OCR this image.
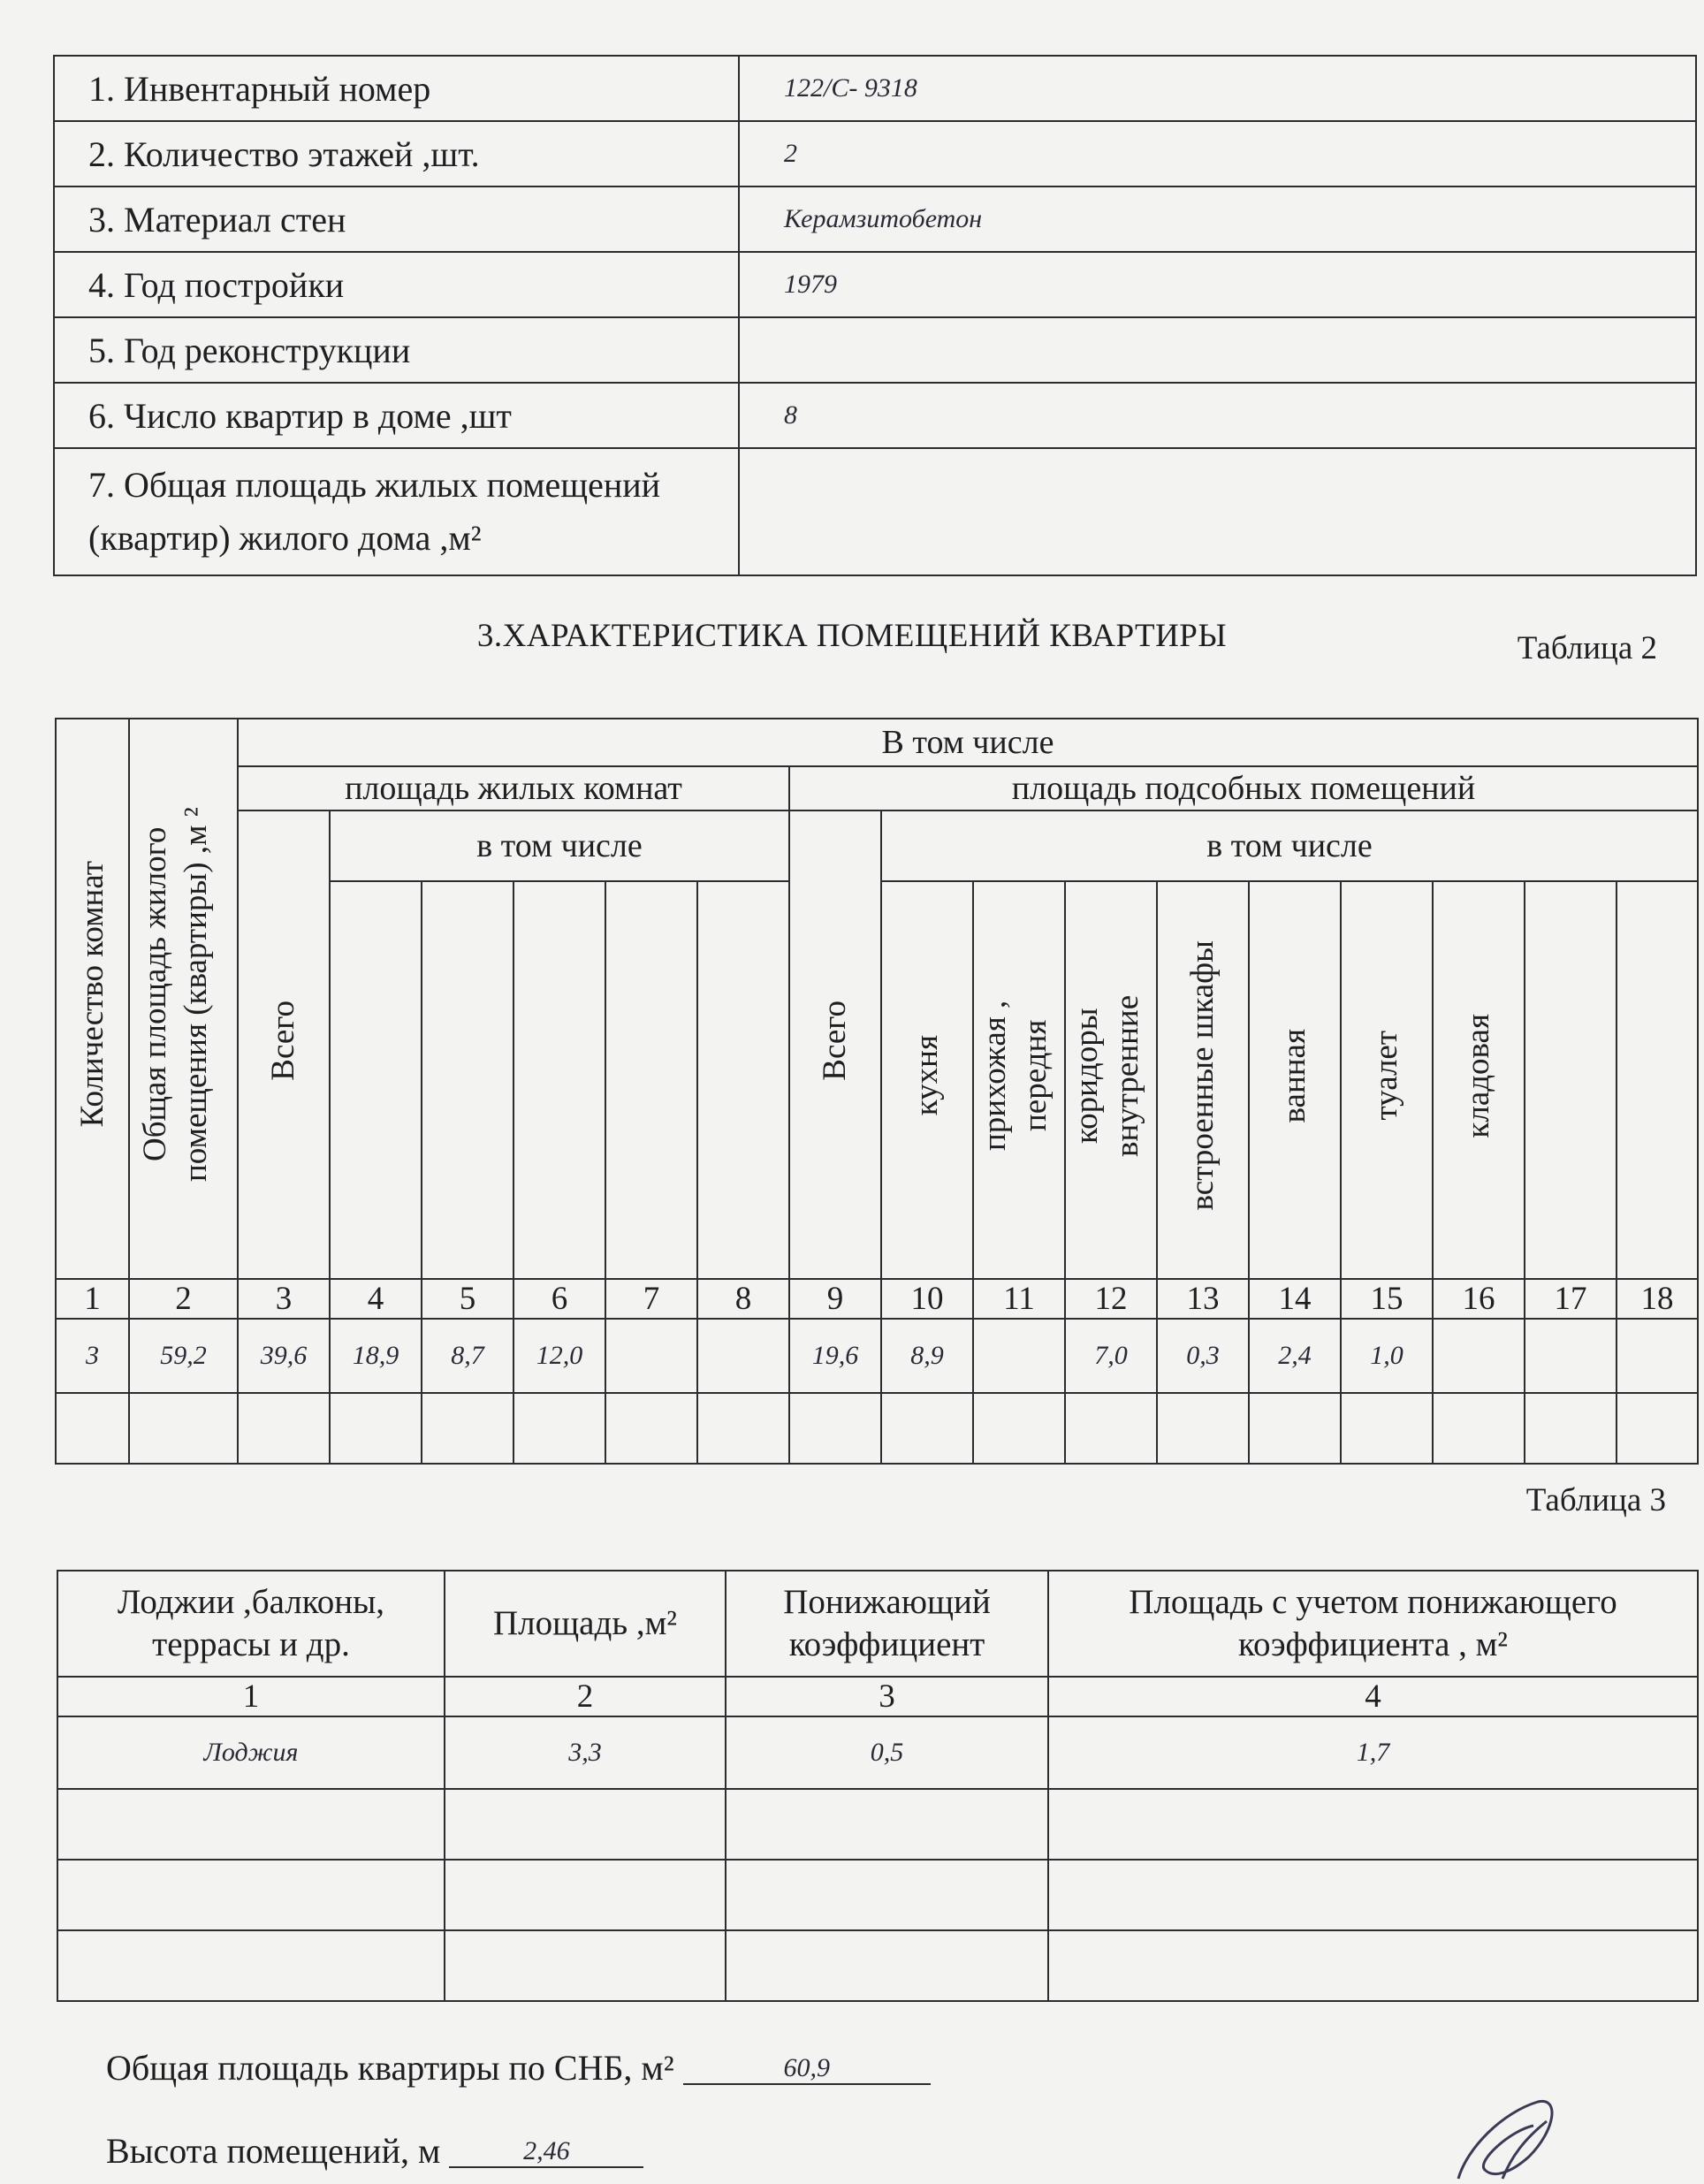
1. Инвентарный номер	122/С- 9318
2. Количество этажей ,шт.	2
3. Материал стен	Керамзитобетон
4. Год постройки	1979
5. Год реконструкции	
6. Число квартир в доме ,шт	8
7. Общая площадь жилых помещений (квартир) жилого дома ,м²	
3.ХАРАКТЕРИСТИКА ПОМЕЩЕНИЙ КВАРТИРЫ	Таблица 2
Количество комнат	Общая площадь жилого помещения (квартиры) ,м ²	В том числе															
		площадь жилых комнат						площадь подсобных помещений									
		Всего	в том числе					Всего	в том числе								
									кухня	прихожая , передня	коридоры внутренние	встроенные шкафы	ванная	туалет	кладовая		
1	2	3	4	5	6	7	8	9	10	11	12	13	14	15	16	17	18
3	59,2	39,6	18,9	8,7	12,0			19,6	8,9		7,0	0,3	2,4	1,0			

Таблица 3
Лоджии ,балконы, террасы и др.	Площадь ,м²	Понижающий коэффициент	Площадь с учетом понижающего коэффициента , м²
1	2	3	4
Лоджия	3,3	0,5	1,7

Общая площадь квартиры по СНБ, м²	60,9
Высота помещений, м	2,46
